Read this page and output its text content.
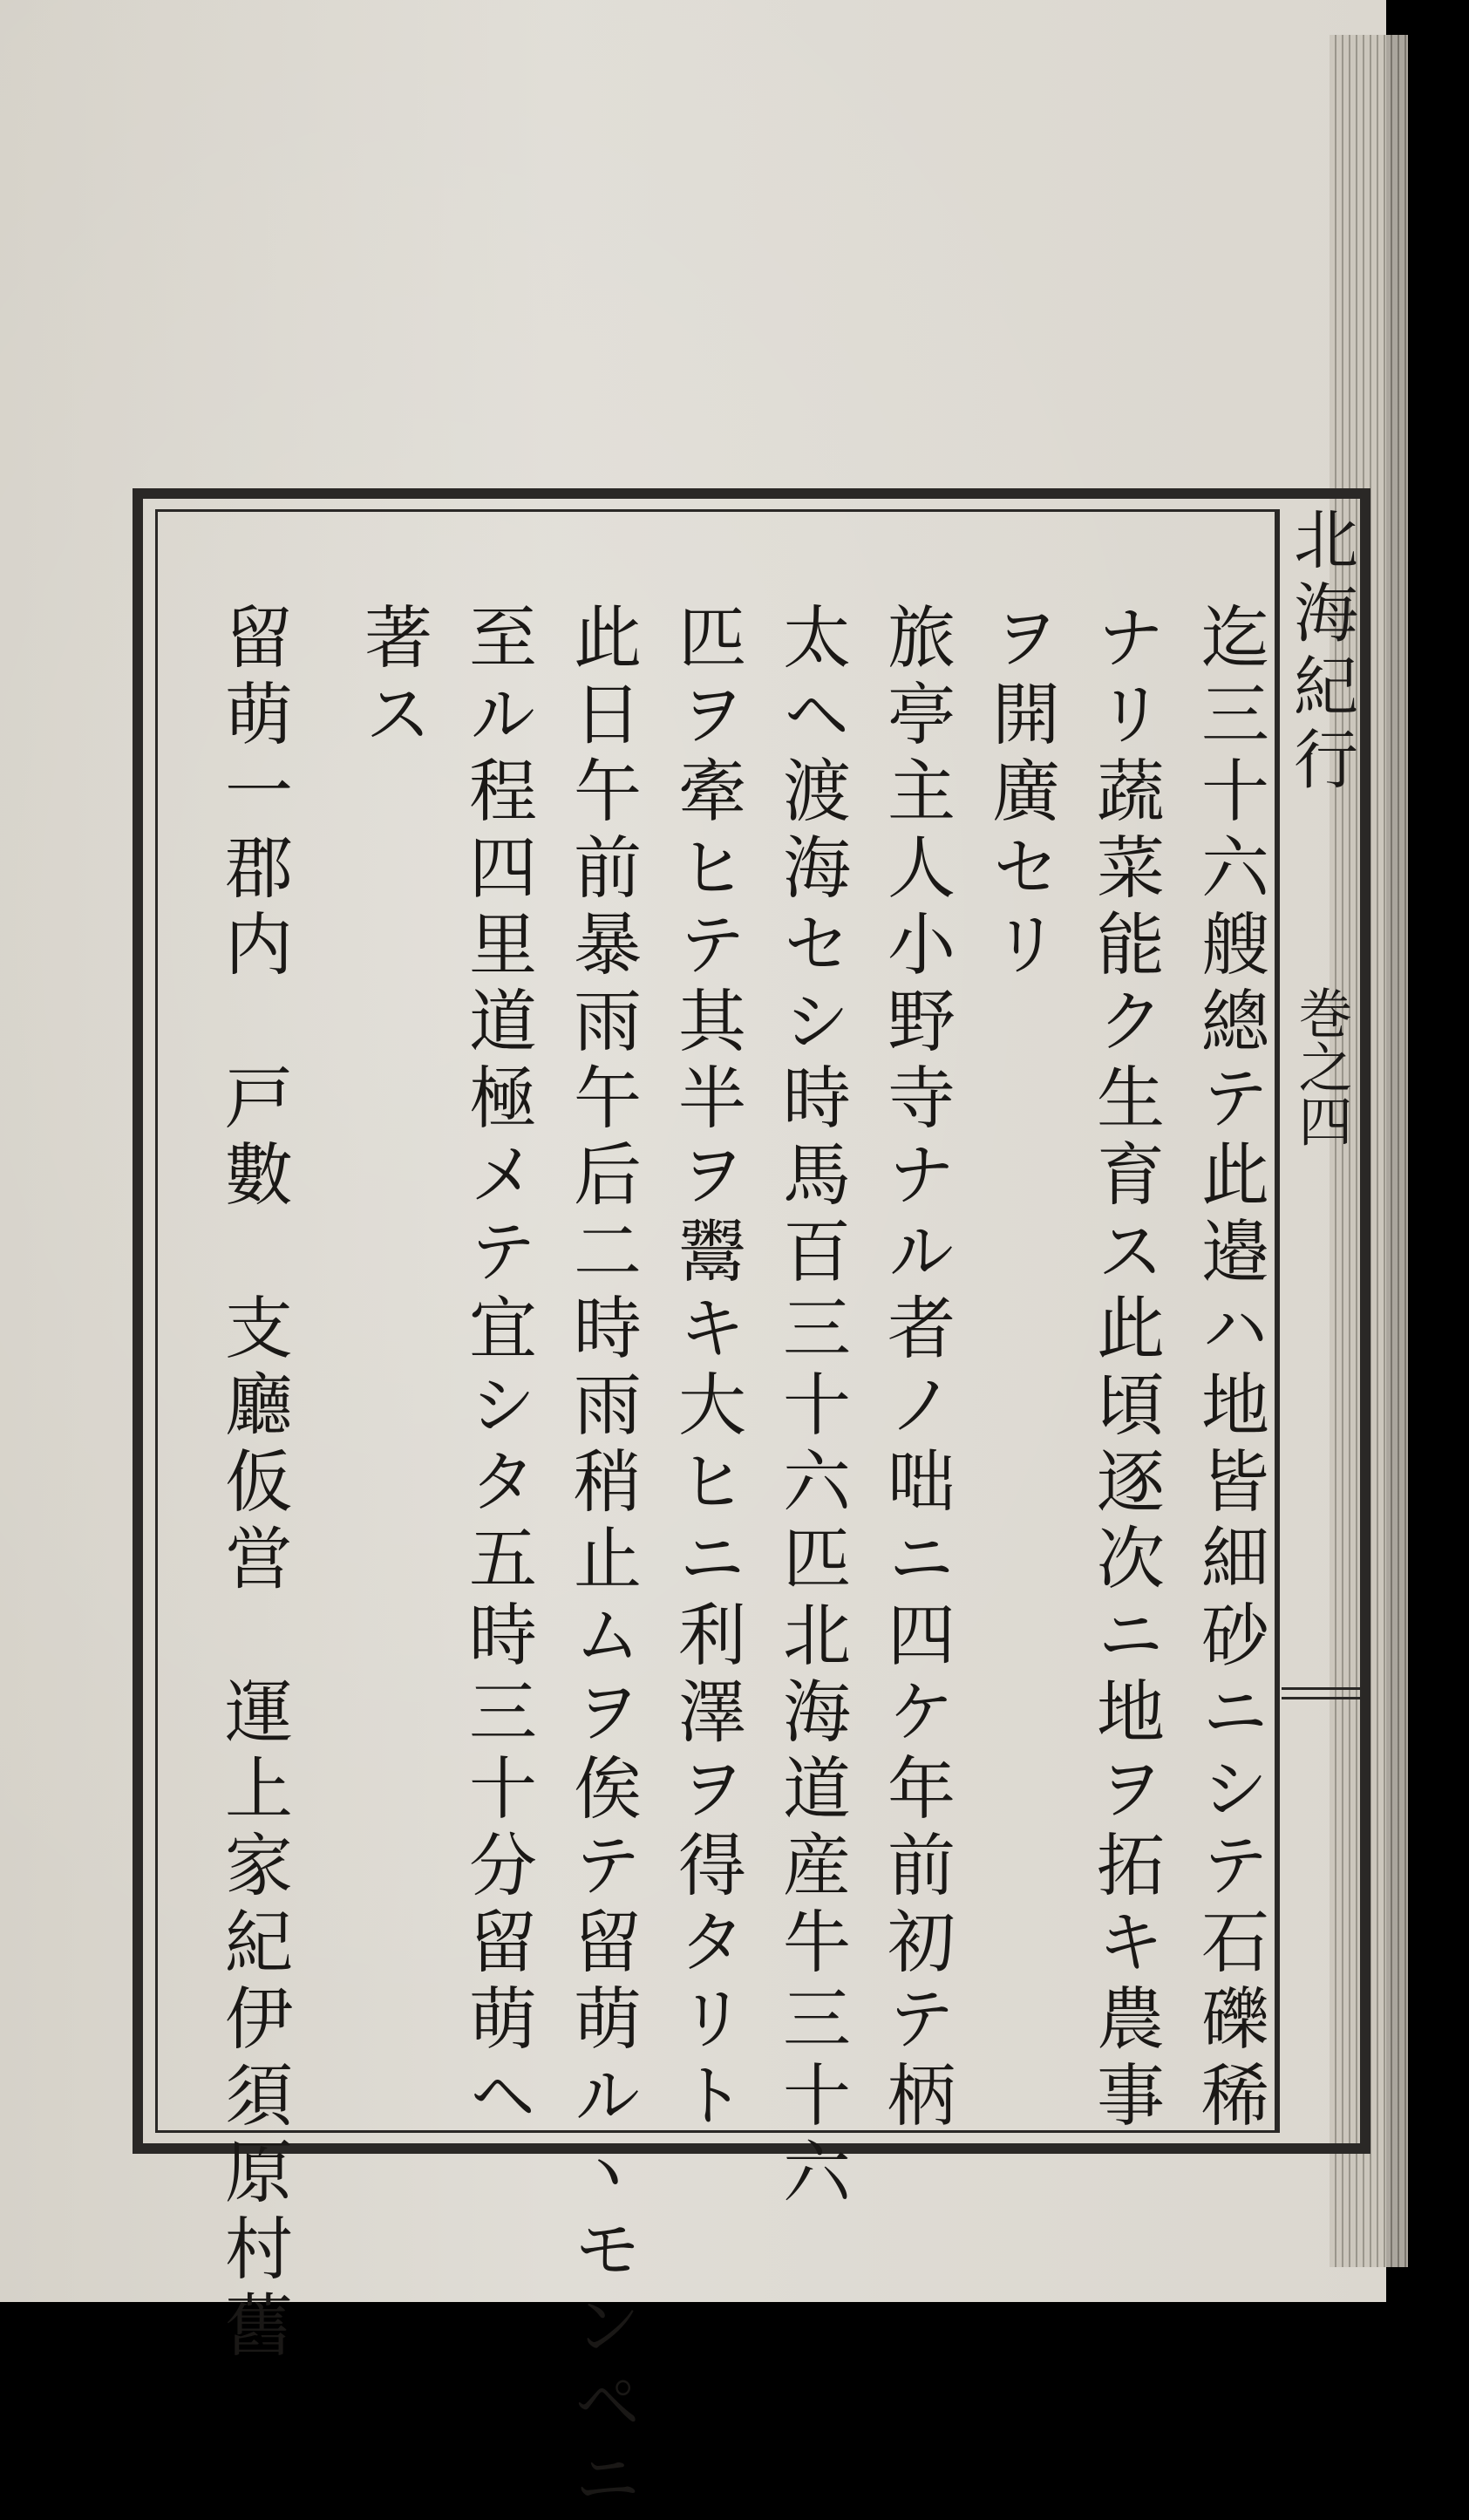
北海紀行
巻之四
迄三十六艘總テ此邉ハ地皆細砂ニシテ石礫稀
ナリ蔬菜能ク生育ス此頃逐次ニ地ヲ拓キ農事
ヲ開廣セリ
旅亭主人小野寺ナル者ノ咄ニ四ケ年前初テ柄
太ヘ渡海セシ時馬百三十六匹北海道産牛三十六
匹ヲ牽ヒテ其半ヲ鬻キ大ヒニ利澤ヲ得タリト
此日午前暴雨午后二時雨稍止ムヲ俟テ留萌ルヽモンペニ
至ル程四里道極メテ宜シタ五時三十分留萌ヘ
著ス
留萌一郡内　戸數　支廳仮営　運上家紀伊須原村舊
